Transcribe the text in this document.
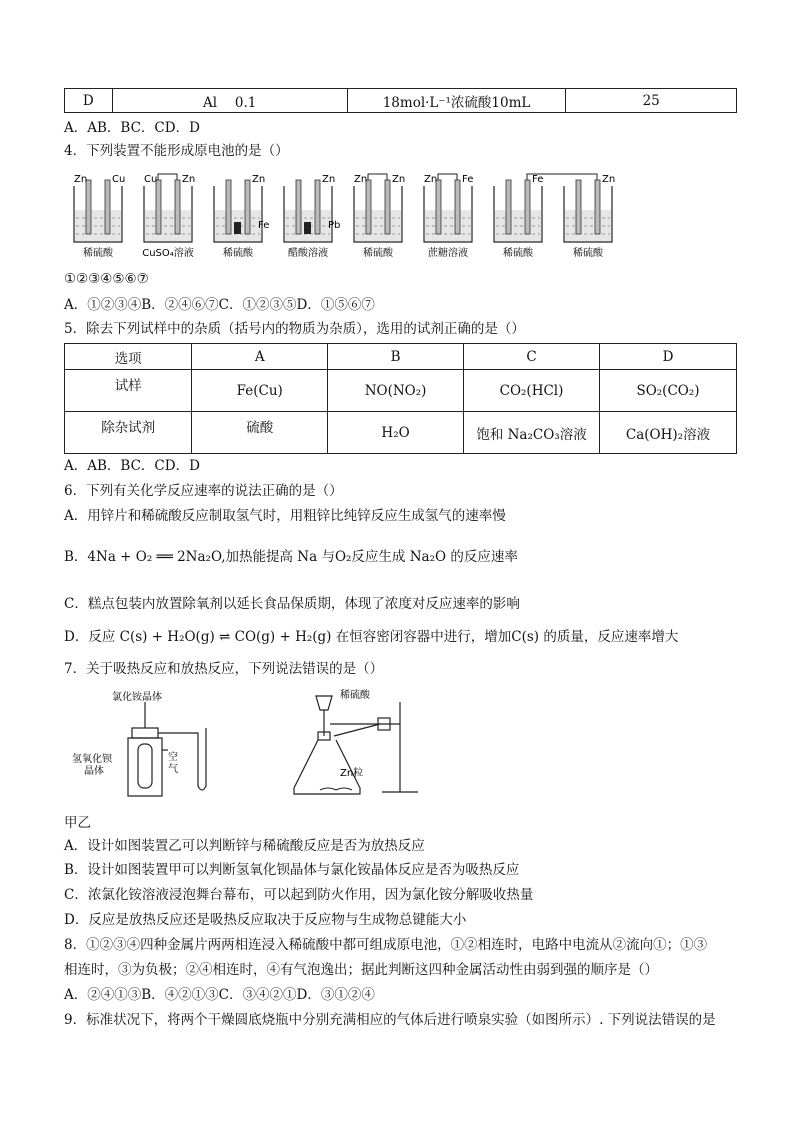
D	Al　 0.1	18mol·L⁻¹浓硫酸10mL	25
A．AB．BC．CD．D
4．下列装置不能形成原电池的是（）
Zn Cu
稀硫酸
Cu Zn
CuSO₄溶液
Zn
Fe
稀硫酸
Zn
Pb
醋酸溶液
Zn Zn
稀硫酸
Zn Fe
蔗糖溶液
Fe
稀硫酸
Zn
稀硫酸
①②③④⑤⑥⑦
A．①②③④B．②④⑥⑦C．①②③⑤D．①⑤⑥⑦
5．除去下列试样中的杂质（括号内的物质为杂质），选用的试剂正确的是（）
选项	A	B	C	D
试样	Fe(Cu)	NO(NO₂)	CO₂(HCl)	SO₂(CO₂)
除杂试剂	硫酸	H₂O	饱和 Na₂CO₃溶液	Ca(OH)₂溶液
A．AB．BC．CD．D
6．下列有关化学反应速率的说法正确的是（）
A．用锌片和稀硫酸反应制取氢气时，用粗锌比纯锌反应生成氢气的速率慢
B．4Na + O₂ ══ 2Na₂O,加热能提高 Na 与O₂反应生成 Na₂O 的反应速率
C．糕点包装内放置除氧剂以延长食品保质期，体现了浓度对反应速率的影响
D．反应 C(s) + H₂O(g) ⇌ CO(g) + H₂(g) 在恒容密闭容器中进行，增加C(s) 的质量，反应速率增大
7．关于吸热反应和放热反应，下列说法错误的是（）
氯化铵晶体
氢氧化钡
晶体
空
气
稀硫酸
Zn粒
甲乙
A．设计如图装置乙可以判断锌与稀硫酸反应是否为放热反应
B．设计如图装置甲可以判断氢氧化钡晶体与氯化铵晶体反应是否为吸热反应
C．浓氯化铵溶液浸泡舞台幕布，可以起到防火作用，因为氯化铵分解吸收热量
D．反应是放热反应还是吸热反应取决于反应物与生成物总键能大小
8．①②③④四种金属片两两相连浸入稀硫酸中都可组成原电池，①②相连时，电路中电流从②流向①；①③
相连时，③为负极；②④相连时，④有气泡逸出；据此判断这四种金属活动性由弱到强的顺序是（）
A．②④①③B．④②①③C．③④②①D．③①②④
9．标准状况下，将两个干燥圆底烧瓶中分别充满相应的气体后进行喷泉实验（如图所示）. 下列说法错误的是
